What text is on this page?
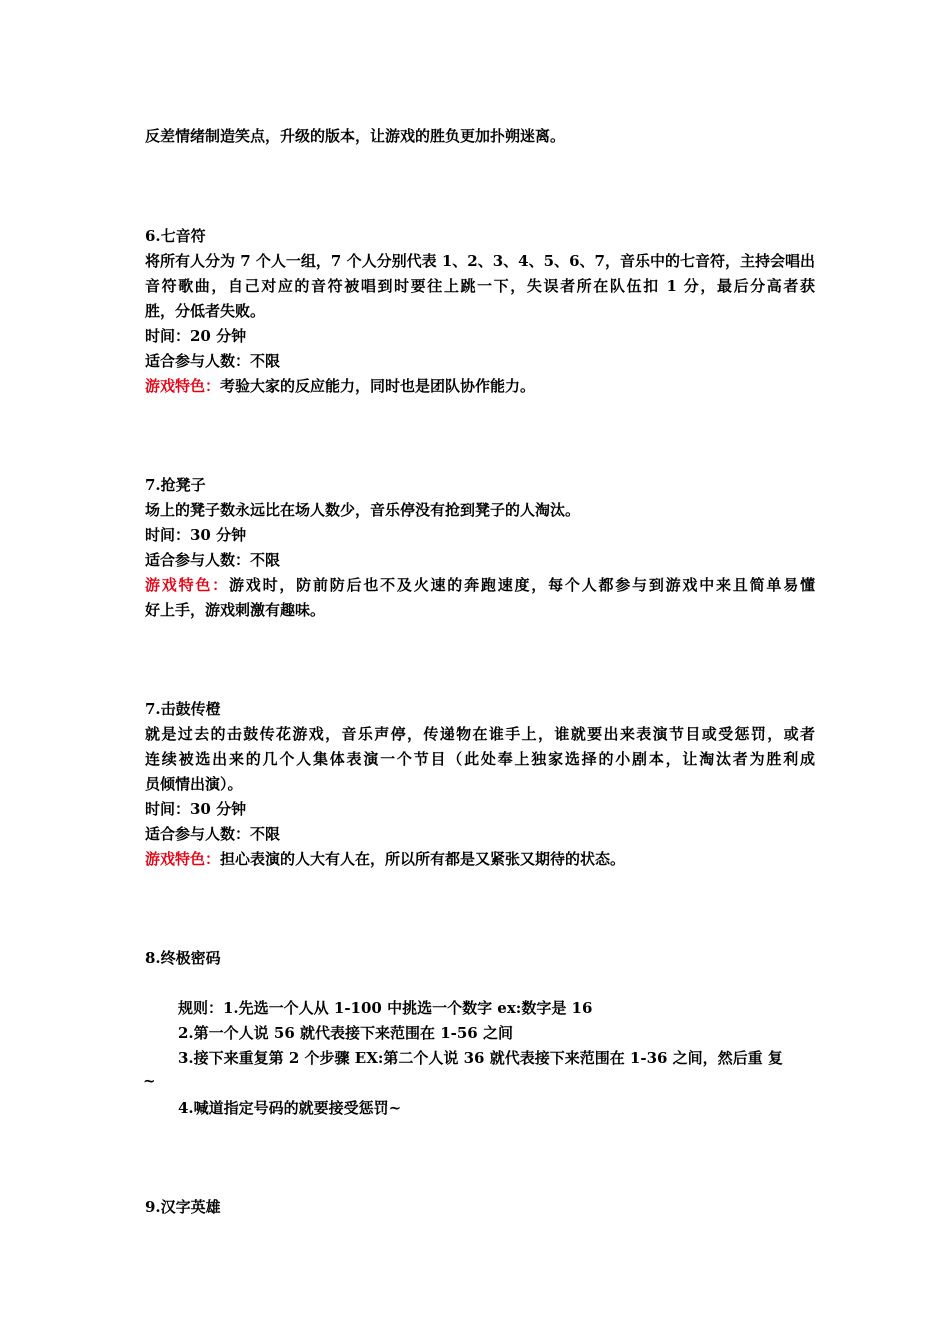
反差情绪制造笑点，升级的版本，让游戏的胜负更加扑朔迷离。
6.七音符
将所有人分为 7 个人一组，7 个人分别代表 1、2、3、4、5、6、7，音乐中的七音符，主持会唱出
音符歌曲，自己对应的音符被唱到时要往上跳一下，失误者所在队伍扣 1 分，最后分高者获
胜，分低者失败。
时间：20 分钟
适合参与人数：不限
游戏特色：考验大家的反应能力，同时也是团队协作能力。
7.抢凳子
场上的凳子数永远比在场人数少，音乐停没有抢到凳子的人淘汰。
时间：30 分钟
适合参与人数：不限
游戏特色：游戏时，防前防后也不及火速的奔跑速度，每个人都参与到游戏中来且简单易懂
好上手，游戏刺激有趣味。
7.击鼓传橙
就是过去的击鼓传花游戏，音乐声停，传递物在谁手上，谁就要出来表演节目或受惩罚，或者
连续被选出来的几个人集体表演一个节目（此处奉上独家选择的小剧本，让淘汰者为胜利成
员倾情出演）。
时间：30 分钟
适合参与人数：不限
游戏特色：担心表演的人大有人在，所以所有都是又紧张又期待的状态。
8.终极密码
规则：1.先选一个人从 1-100 中挑选一个数字 ex:数字是 16
2.第一个人说 56 就代表接下来范围在 1-56 之间
3.接下来重复第 2 个步骤 EX:第二个人说 36 就代表接下来范围在 1-36 之间，然后重 复
~
4.喊道指定号码的就要接受惩罚~
9.汉字英雄
